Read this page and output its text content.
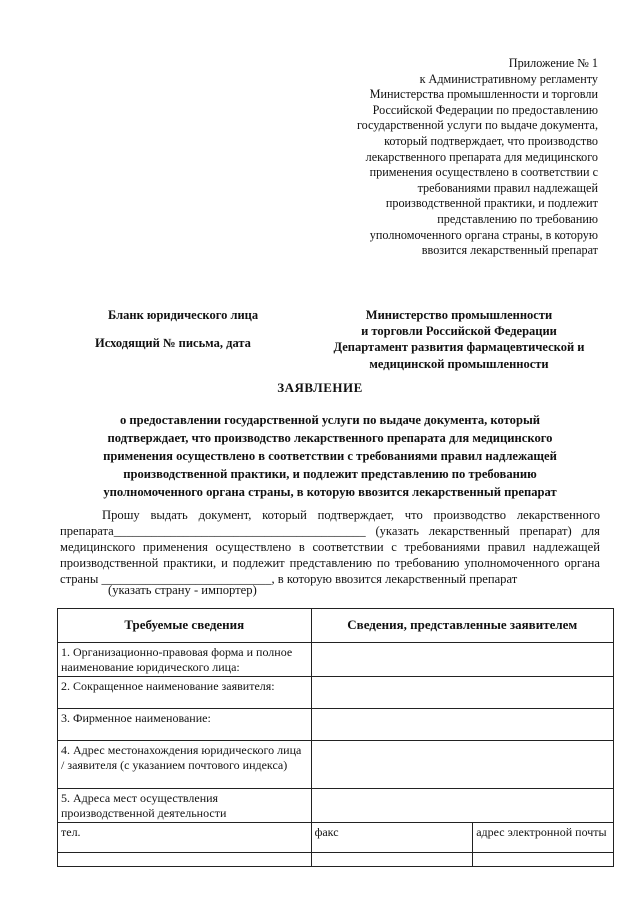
Приложение № 1
к Административному регламенту
Министерства промышленности и торговли
Российской Федерации по предоставлению
государственной услуги по выдаче документа,
который подтверждает, что производство
лекарственного препарата для медицинского
применения осуществлено в соответствии с
требованиями правил надлежащей
производственной практики, и подлежит
представлению по требованию
уполномоченного органа страны, в которую
ввозится лекарственный препарат
Бланк юридического лица
Исходящий № письма, дата
Министерство промышленности
и торговли Российской Федерации
Департамент развития фармацевтической и
медицинской промышленности
ЗАЯВЛЕНИЕ
о предоставлении государственной услуги по выдаче документа, который
подтверждает, что производство лекарственного препарата для медицинского
применения осуществлено в соответствии с требованиями правил надлежащей
производственной практики, и подлежит представлению по требованию
уполномоченного органа страны, в которую ввозится лекарственный препарат
Прошу выдать документ, который подтверждает, что производство лекарственного
препарата________________________________________ (указать лекарственный препарат) для
медицинского применения осуществлено в соответствии с требованиями правил надлежащей
производственной практики, и подлежит представлению по требованию уполномоченного органа
страны ___________________________, в которую ввозится лекарственный препарат
(указать страну - импортер)
Требуемые сведения	Сведения, представленные заявителем	
1. Организационно-правовая форма и полное наименование юридического лица:		
2. Сокращенное наименование заявителя:		
3. Фирменное наименование:		
4. Адрес местонахождения юридического лица / заявителя (с указанием почтового индекса)		
5. Адреса мест осуществления производственной деятельности		
тел.	факс	адрес электронной почты
